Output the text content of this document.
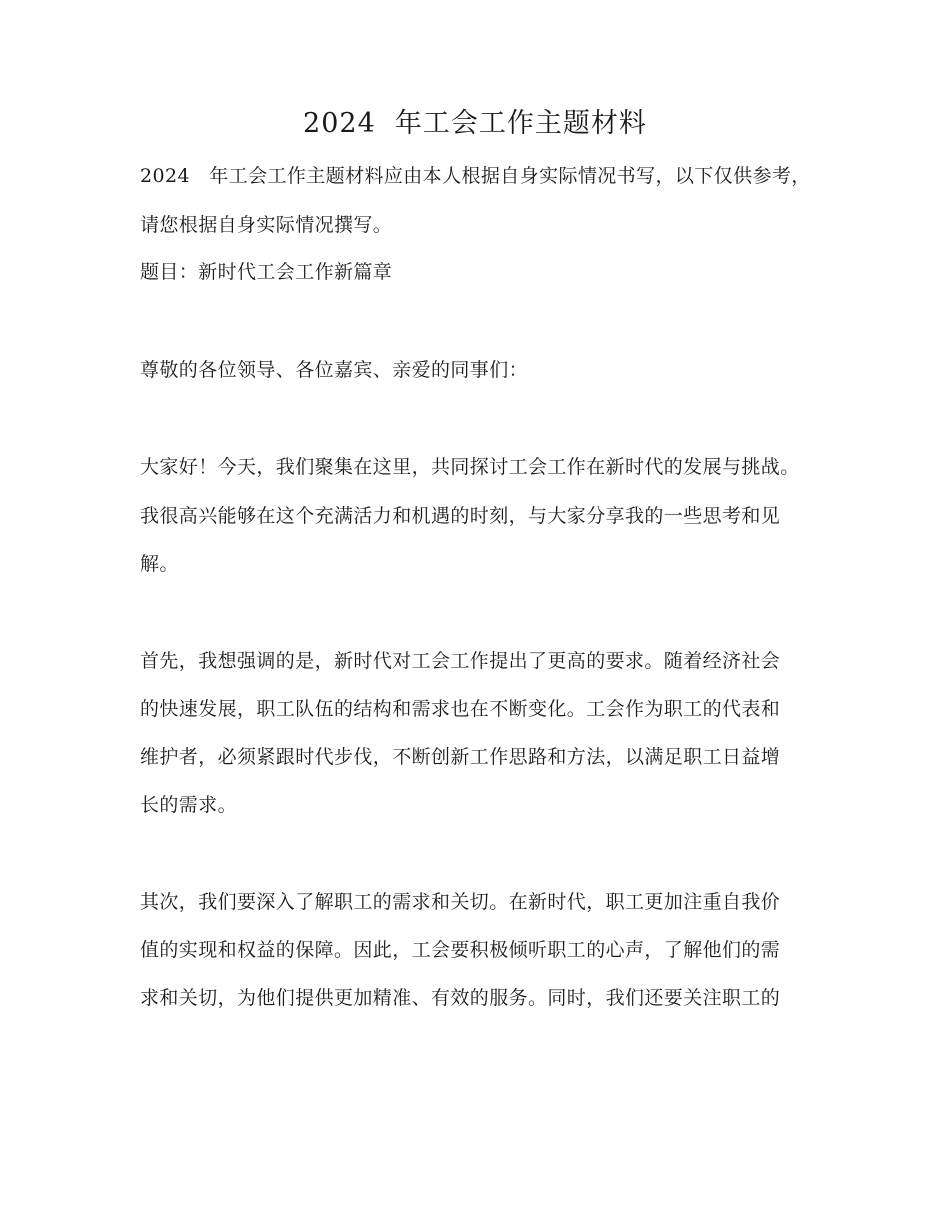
2024  年工会工作主题材料
2024   年工会工作主题材料应由本人根据自身实际情况书写，以下仅供参考，
请您根据自身实际情况撰写。
题目：新时代工会工作新篇章
尊敬的各位领导、各位嘉宾、亲爱的同事们：
大家好！今天，我们聚集在这里，共同探讨工会工作在新时代的发展与挑战。
我很高兴能够在这个充满活力和机遇的时刻，与大家分享我的一些思考和见
解。
首先，我想强调的是，新时代对工会工作提出了更高的要求。随着经济社会
的快速发展，职工队伍的结构和需求也在不断变化。工会作为职工的代表和
维护者，必须紧跟时代步伐，不断创新工作思路和方法，以满足职工日益增
长的需求。
其次，我们要深入了解职工的需求和关切。在新时代，职工更加注重自我价
值的实现和权益的保障。因此，工会要积极倾听职工的心声，了解他们的需
求和关切，为他们提供更加精准、有效的服务。同时，我们还要关注职工的
